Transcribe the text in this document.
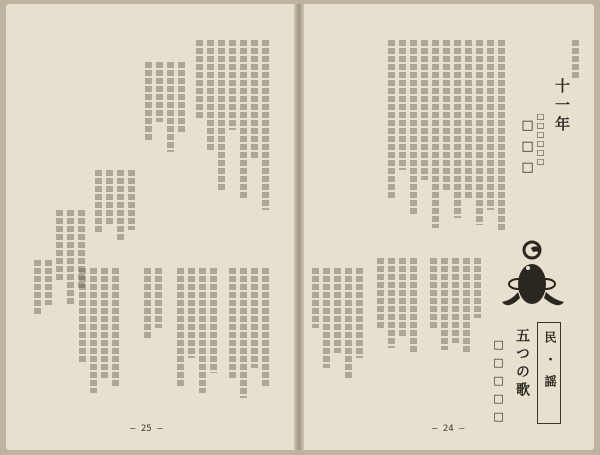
— 25 —
十一年
□□□□□□
□□□
民・謡
五つの歌
□□□□□
— 24 —
